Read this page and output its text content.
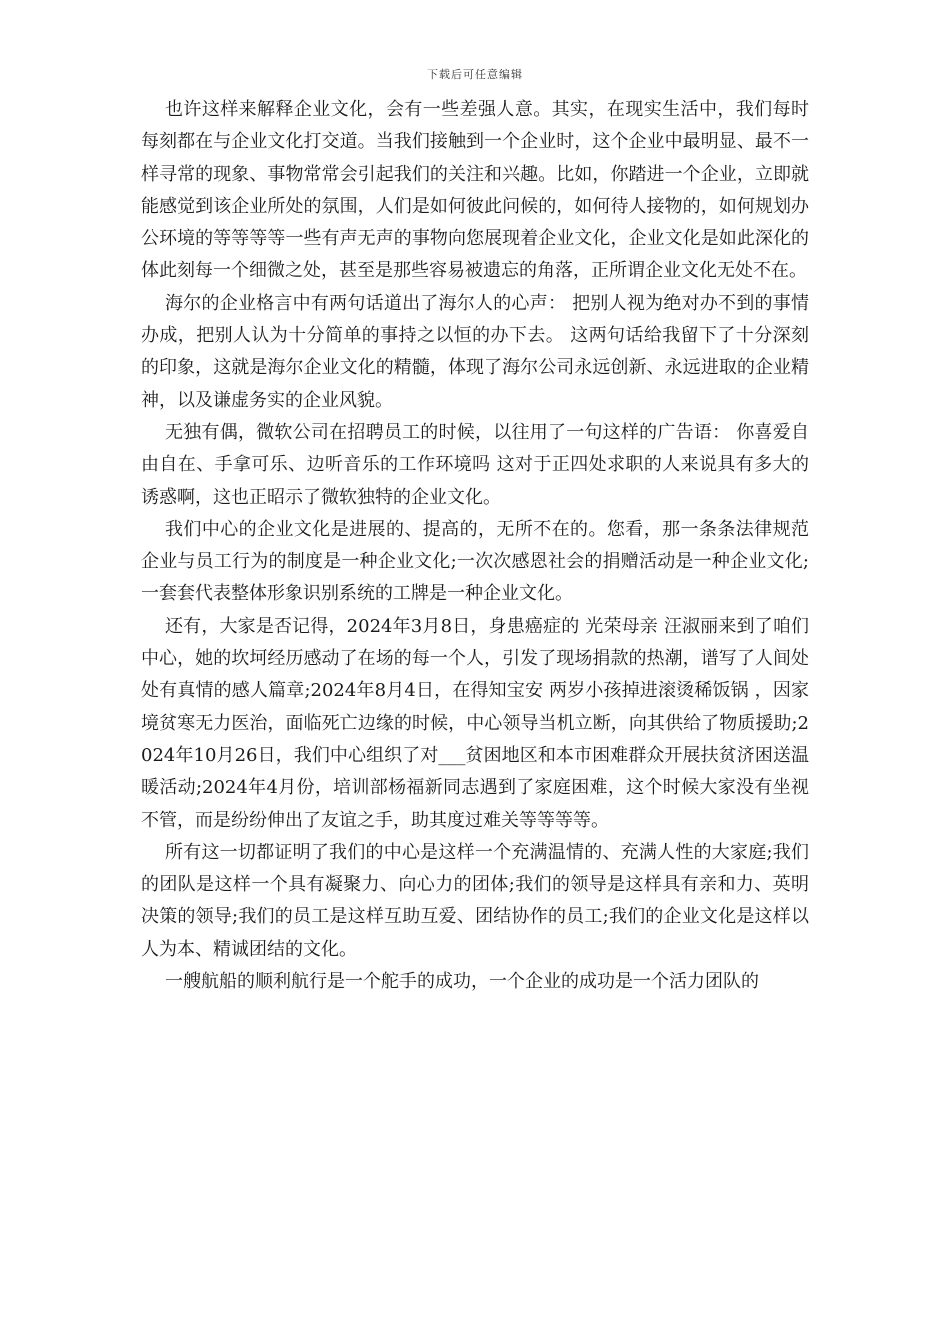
下载后可任意编辑

也许这样来解释企业文化，会有一些差强人意。其实，在现实生活中，我们每时每刻都在与企业文化打交道。当我们接触到一个企业时，这个企业中最明显、最不一样寻常的现象、事物常常会引起我们的关注和兴趣。比如，你踏进一个企业，立即就能感觉到该企业所处的氛围，人们是如何彼此问候的，如何待人接物的，如何规划办公环境的等等等等一些有声无声的事物向您展现着企业文化，企业文化是如此深化的体此刻每一个细微之处，甚至是那些容易被遗忘的角落，正所谓企业文化无处不在。

海尔的企业格言中有两句话道出了海尔人的心声： 把别人视为绝对办不到的事情办成，把别人认为十分简单的事持之以恒的办下去。 这两句话给我留下了十分深刻的印象，这就是海尔企业文化的精髓，体现了海尔公司永远创新、永远进取的企业精神，以及谦虚务实的企业风貌。

无独有偶，微软公司在招聘员工的时候，以往用了一句这样的广告语： 你喜爱自由自在、手拿可乐、边听音乐的工作环境吗 这对于正四处求职的人来说具有多大的诱惑啊，这也正昭示了微软独特的企业文化。

我们中心的企业文化是进展的、提高的，无所不在的。您看，那一条条法律规范企业与员工行为的制度是一种企业文化;一次次感恩社会的捐赠活动是一种企业文化;一套套代表整体形象识别系统的工牌是一种企业文化。

还有，大家是否记得，2024年3月8日，身患癌症的 光荣母亲 汪淑丽来到了咱们中心，她的坎坷经历感动了在场的每一个人，引发了现场捐款的热潮，谱写了人间处处有真情的感人篇章;2024年8月4日，在得知宝安 两岁小孩掉进滚烫稀饭锅 ，因家境贫寒无力医治，面临死亡边缘的时候，中心领导当机立断，向其供给了物质援助;2024年10月26日，我们中心组织了对___贫困地区和本市困难群众开展扶贫济困送温暖活动;2024年4月份，培训部杨福新同志遇到了家庭困难，这个时候大家没有坐视不管，而是纷纷伸出了友谊之手，助其度过难关等等等等。

所有这一切都证明了我们的中心是这样一个充满温情的、充满人性的大家庭;我们的团队是这样一个具有凝聚力、向心力的团体;我们的领导是这样具有亲和力、英明决策的领导;我们的员工是这样互助互爱、团结协作的员工;我们的企业文化是这样以人为本、精诚团结的文化。

一艘航船的顺利航行是一个舵手的成功，一个企业的成功是一个活力团队的
